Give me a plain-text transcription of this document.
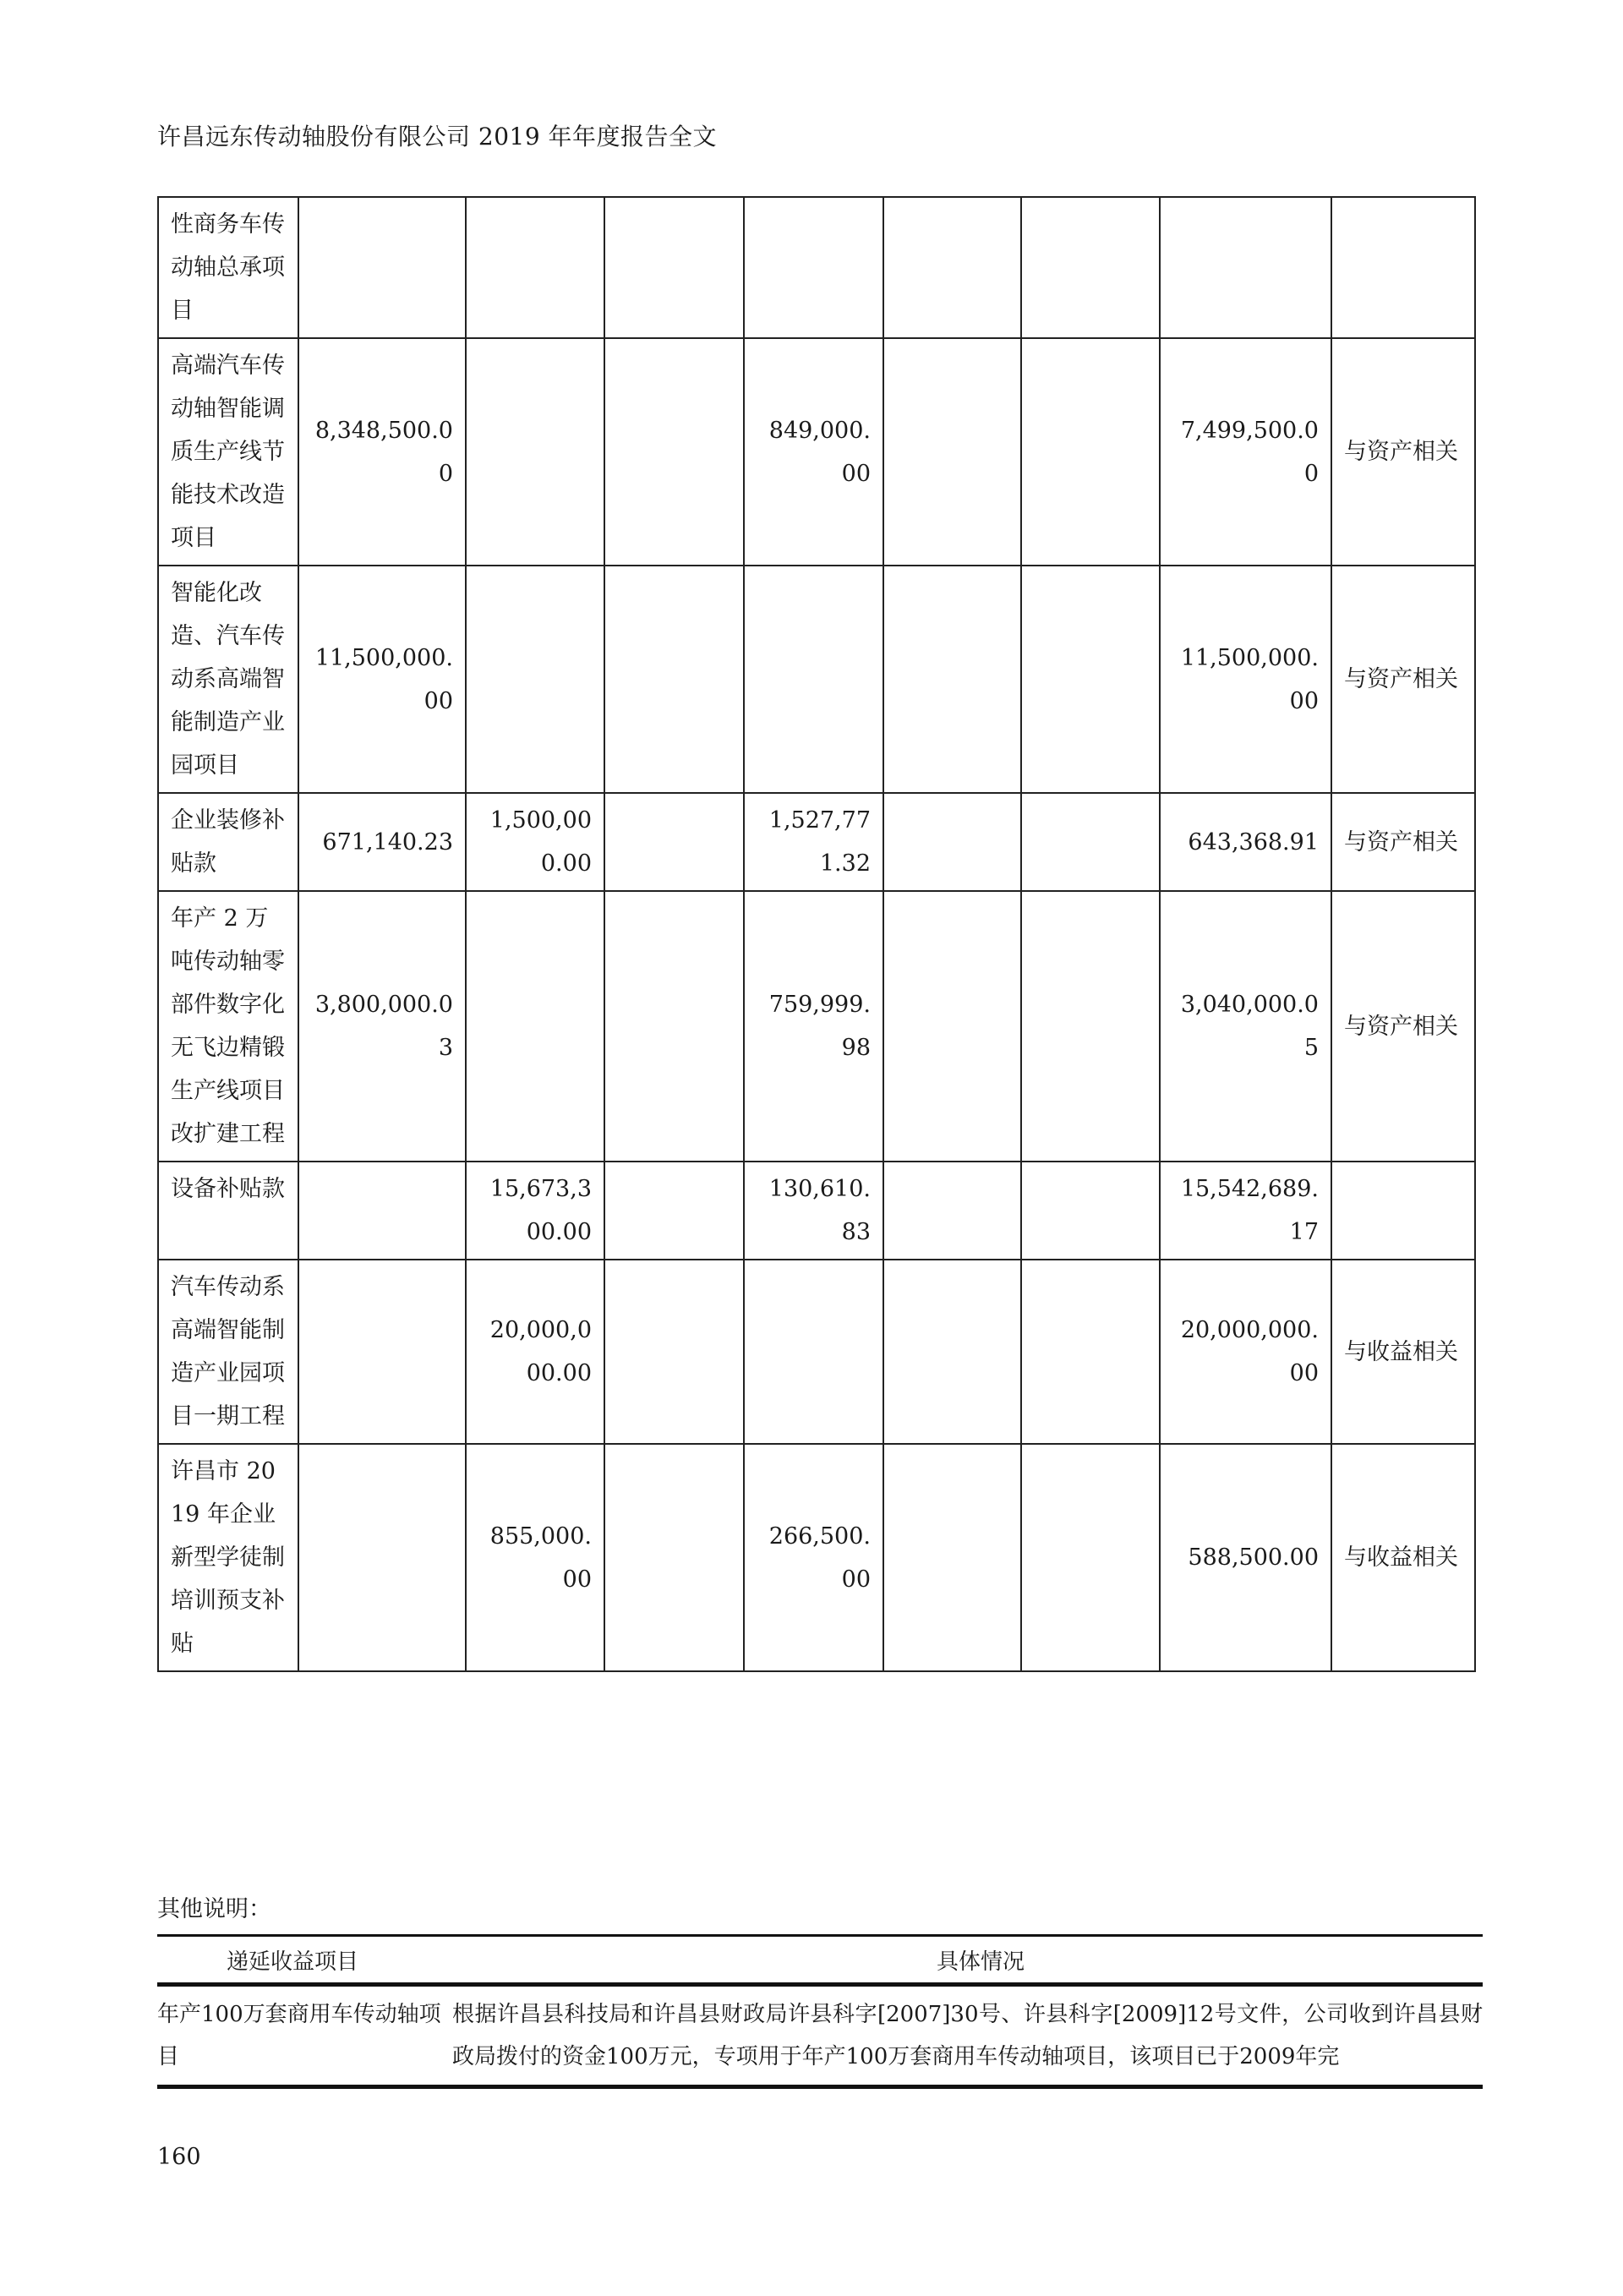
许昌远东传动轴股份有限公司 2019 年年度报告全文
性商务车传动轴总承项目								
高端汽车传动轴智能调质生产线节能技术改造项目	8,348,500.00			849,000.00			7,499,500.00	与资产相关
智能化改造、汽车传动系高端智能制造产业园项目	11,500,000.00						11,500,000.00	与资产相关
企业装修补贴款	671,140.23	1,500,000.00		1,527,771.32			643,368.91	与资产相关
年产 2 万吨传动轴零部件数字化无飞边精锻生产线项目改扩建工程	3,800,000.03			759,999.98			3,040,000.05	与资产相关
设备补贴款		15,673,300.00		130,610.83			15,542,689.17	
汽车传动系高端智能制造产业园项目一期工程		20,000,000.00					20,000,000.00	与收益相关
许昌市 2019 年企业新型学徒制培训预支补贴		855,000.00		266,500.00			588,500.00	与收益相关
其他说明：
递延收益项目	具体情况
年产100万套商用车传动轴项目
根据许昌县科技局和许昌县财政局许县科字[2007]30号、许县科字[2009]12号文件，公司收到许昌县财政局拨付的资金100万元，专项用于年产100万套商用车传动轴项目，该项目已于2009年完
160
